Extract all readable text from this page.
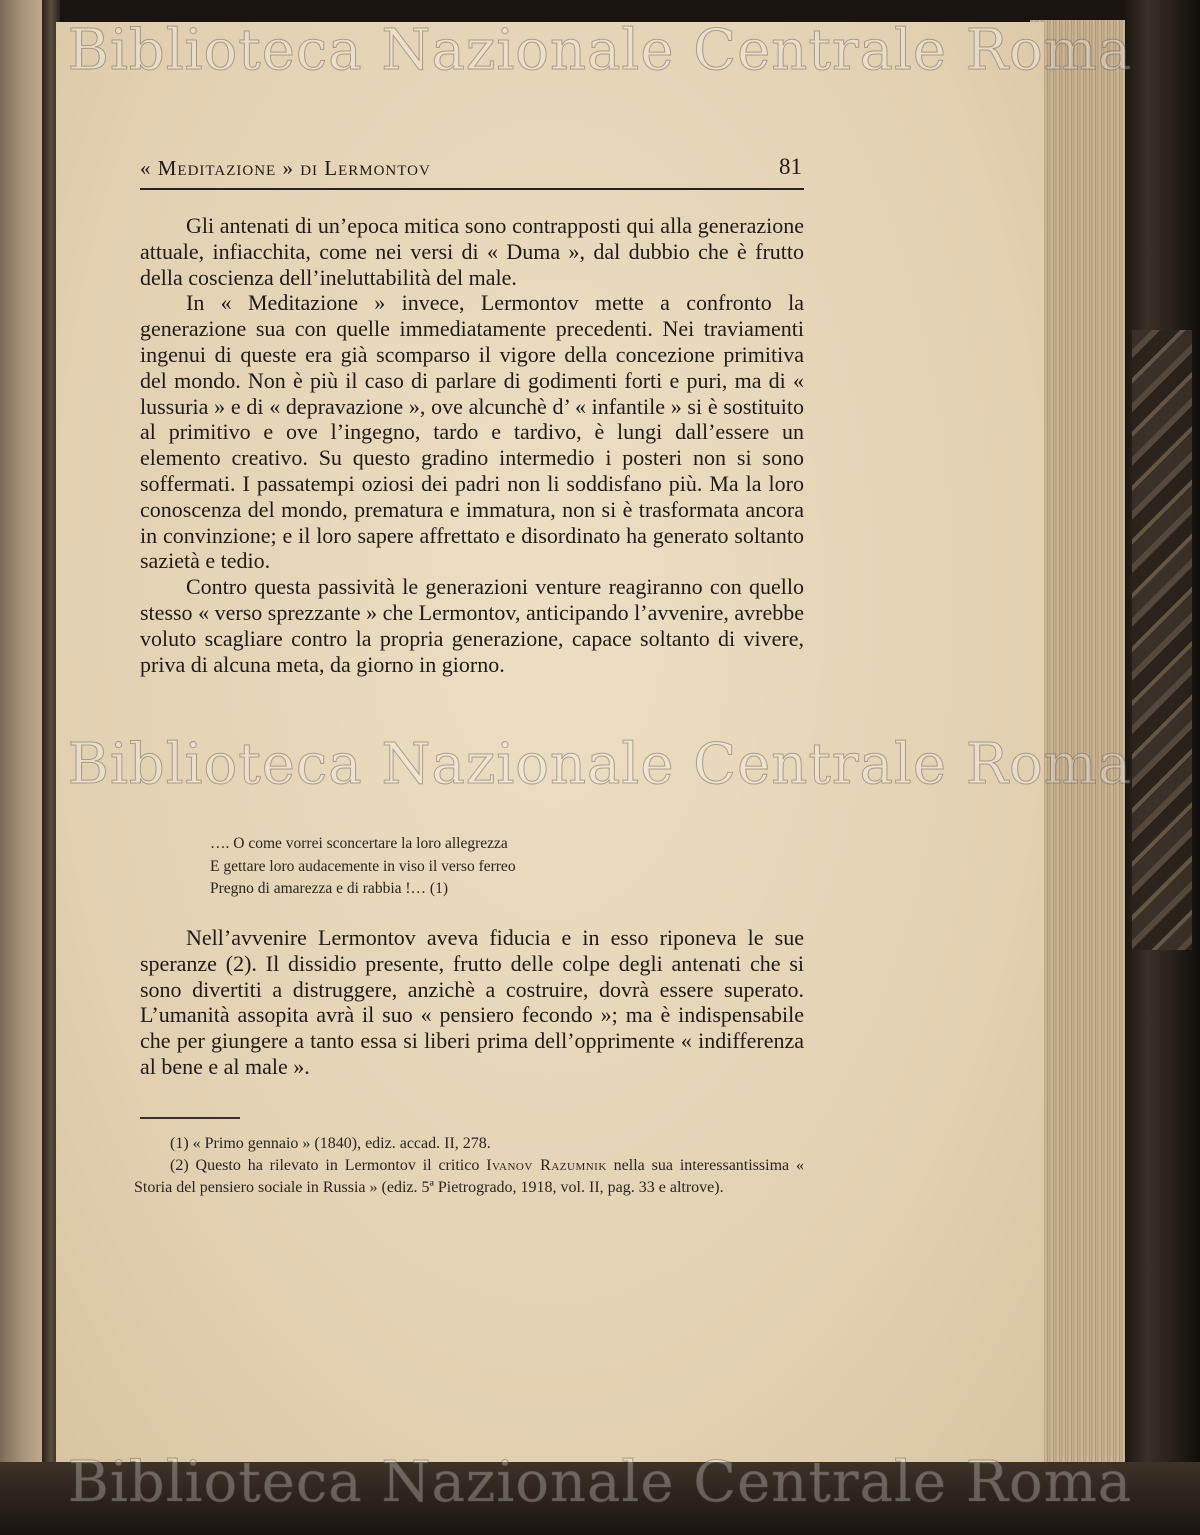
« Meditazione » di Lermontov	81

Gli antenati di un’epoca mitica sono contrapposti qui alla generazione attuale, infiacchita, come nei versi di « Duma », dal dubbio che è frutto della coscienza dell’ineluttabilità del male.

In « Meditazione » invece, Lermontov mette a confronto la generazione sua con quelle immediatamente precedenti. Nei traviamenti ingenui di queste era già scomparso il vigore della concezione primitiva del mondo. Non è più il caso di parlare di godimenti forti e puri, ma di « lussuria » e di « depravazione », ove alcunchè d’ « infantile » si è sostituito al primitivo e ove l’ingegno, tardo e tardivo, è lungi dall’essere un elemento creativo. Su questo gradino intermedio i posteri non si sono soffermati. I passatempi oziosi dei padri non li soddisfano più. Ma la loro conoscenza del mondo, prematura e immatura, non si è trasformata ancora in convinzione; e il loro sapere affrettato e disordinato ha generato soltanto sazietà e tedio.

Contro questa passività le generazioni venture reagiranno con quello stesso « verso sprezzante » che Lermontov, anticipando l’avvenire, avrebbe voluto scagliare contro la propria generazione, capace soltanto di vivere, priva di alcuna meta, da giorno in giorno.

…. O come vorrei sconcertare la loro allegrezza
E gettare loro audacemente in viso il verso ferreo
Pregno di amarezza e di rabbia !… (1)

Nell’avvenire Lermontov aveva fiducia e in esso riponeva le sue speranze (2). Il dissidio presente, frutto delle colpe degli antenati che si sono divertiti a distruggere, anzichè a costruire, dovrà essere superato. L’umanità assopita avrà il suo « pensiero fecondo »; ma è indispensabile che per giungere a tanto essa si liberi prima dell’opprimente « indifferenza al bene e al male ».

(1) « Primo gennaio » (1840), ediz. accad. II, 278.
(2) Questo ha rilevato in Lermontov il critico Ivanov Razumnik nella sua interessantissima « Storia del pensiero sociale in Russia » (ediz. 5ª Pietrogrado, 1918, vol. II, pag. 33 e altrove).
Biblioteca Nazionale Centrale Roma
Biblioteca Nazionale Centrale Roma
Biblioteca Nazionale Centrale Roma
